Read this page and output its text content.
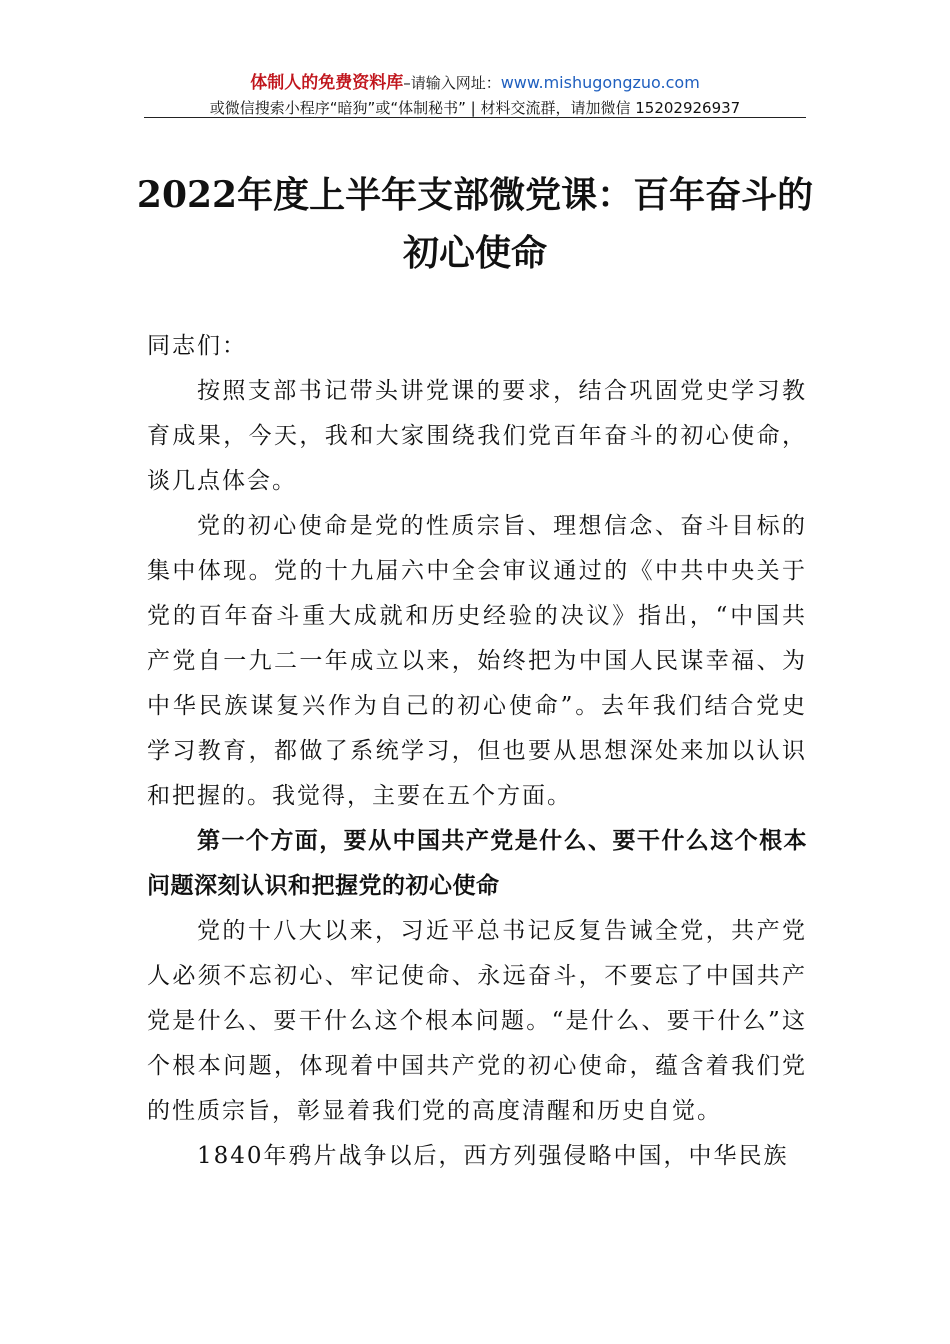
体制人的免费资料库–请输入网址：www.mishugongzuo.com
或微信搜索小程序“暗狗”或“体制秘书” | 材料交流群，请加微信 15202926937
2022年度上半年支部微党课：百年奋斗的
初心使命

同志们：

按照支部书记带头讲党课的要求，结合巩固党史学习教育成果，今天，我和大家围绕我们党百年奋斗的初心使命，谈几点体会。

党的初心使命是党的性质宗旨、理想信念、奋斗目标的集中体现。党的十九届六中全会审议通过的《中共中央关于党的百年奋斗重大成就和历史经验的决议》指出，“中国共产党自一九二一年成立以来，始终把为中国人民谋幸福、为中华民族谋复兴作为自己的初心使命”。去年我们结合党史学习教育，都做了系统学习，但也要从思想深处来加以认识和把握的。我觉得，主要在五个方面。

第一个方面，要从中国共产党是什么、要干什么这个根本问题深刻认识和把握党的初心使命

党的十八大以来，习近平总书记反复告诫全党，共产党人必须不忘初心、牢记使命、永远奋斗，不要忘了中国共产党是什么、要干什么这个根本问题。“是什么、要干什么”这个根本问题，体现着中国共产党的初心使命，蕴含着我们党的性质宗旨，彰显着我们党的高度清醒和历史自觉。

1840年鸦片战争以后，西方列强侵略中国，中华民族
